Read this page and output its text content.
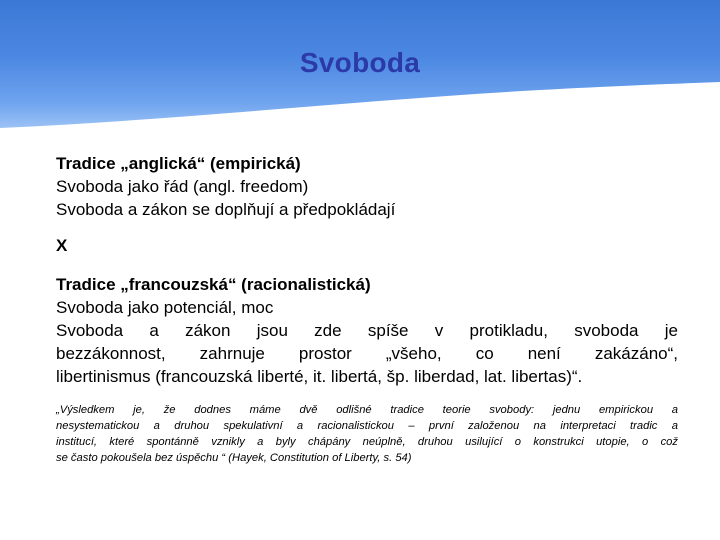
Svoboda
Tradice „anglická“ (empirická)
Svoboda jako řád (angl. freedom)
Svoboda a zákon se doplňují a předpokládají
X
Tradice „francouzská“ (racionalistická)
Svoboda jako potenciál, moc
Svoboda a zákon jsou zde spíše v protikladu, svoboda je
bezzákonnost, zahrnuje prostor „všeho, co není zakázáno“,
libertinismus (francouzská liberté, it. libertá, šp. liberdad, lat. libertas)“.
„Výsledkem je, že dodnes máme dvě odlišné tradice teorie svobody: jednu empirickou a
nesystematickou a druhou spekulativní a racionalistickou – první založenou na interpretaci tradic a
institucí, které spontánně vznikly a byly chápány neúplně, druhou usilující o konstrukci utopie, o což
se často pokoušela bez úspěchu “ (Hayek, Constitution of Liberty, s. 54)
